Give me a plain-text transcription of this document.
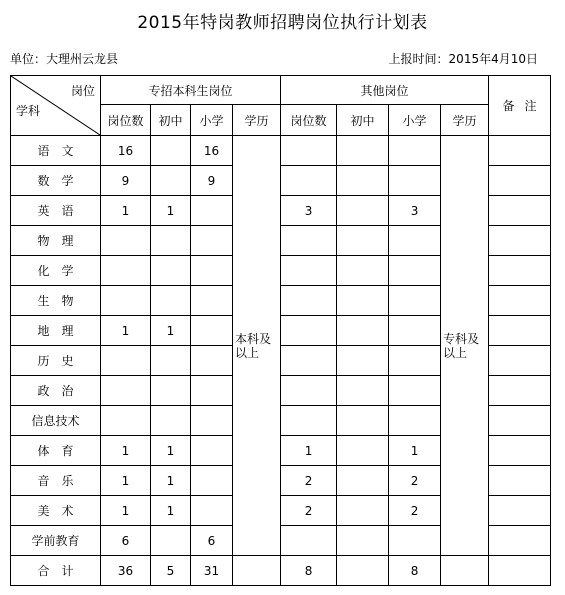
2015年特岗教师招聘岗位执行计划表
单位：大理州云龙县	上报时间：2015年4月10日
岗位
学科	专招本科生岗位				其他岗位				备注
	岗位数	初中	小学	学历	岗位数	初中	小学	学历	
语文	16		16	本科及以上				专科及以上	
数学	9		9						
英语	1	1			3		3		
物理									
化学									
生物									
地理	1	1							
历史									
政治									
信息技术									
体育	1	1			1		1		
音乐	1	1			2		2		
美术	1	1			2		2		
学前教育	6		6						
合计	36	5	31		8		8		
